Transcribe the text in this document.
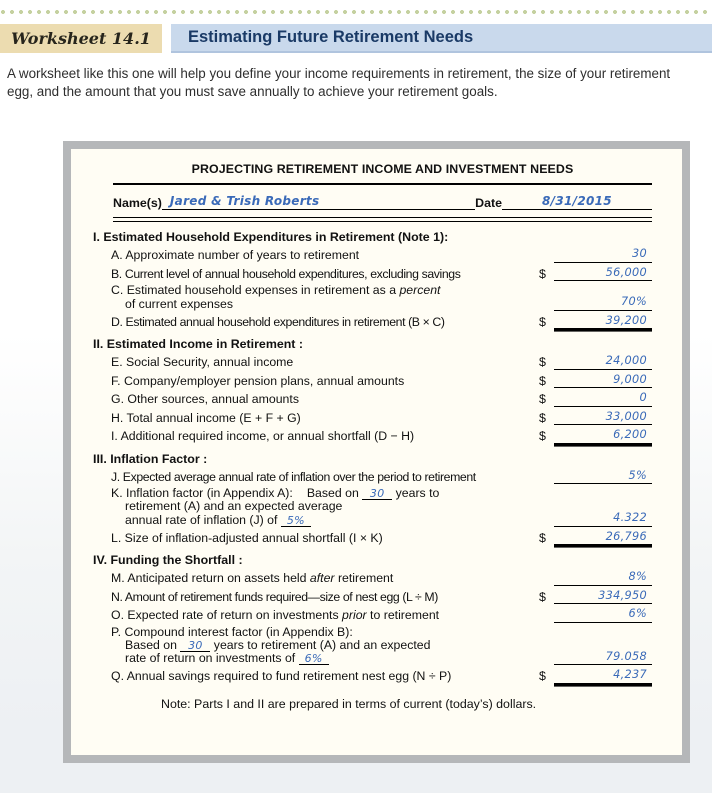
Worksheet 14.1	Estimating Future Retirement Needs
A worksheet like this one will help you define your income requirements in retirement, the size of your retirement
egg, and the amount that you must save annually to achieve your retirement goals.
PROJECTING RETIREMENT INCOME AND INVESTMENT NEEDS
Name(s) Jared & Trish Roberts	Date	8/31/2015
I. Estimated Household Expenditures in Retirement (Note 1):
A. Approximate number of years to retirement	30
B. Current level of annual household expenditures, excluding savings	$	56,000
C. Estimated household expenses in retirement as a percent
of current expenses	70%
D. Estimated annual household expenditures in retirement (B × C)	$	39,200
II. Estimated Income in Retirement :
E. Social Security, annual income	$	24,000
F. Company/employer pension plans, annual amounts	$	9,000
G. Other sources, annual amounts	$	0
H. Total annual income (E + F + G)	$	33,000
I. Additional required income, or annual shortfall (D − H)	$	6,200
III. Inflation Factor :
J. Expected average annual rate of inflation over the period to retirement	5%
K. Inflation factor (in Appendix A): Based on 30 years to
retirement (A) and an expected average
annual rate of inflation (J) of 5%	4.322
L. Size of inflation-adjusted annual shortfall (I × K)	$	26,796
IV. Funding the Shortfall :
M. Anticipated return on assets held after retirement	8%
N. Amount of retirement funds required—size of nest egg (L ÷ M)	$	334,950
O. Expected rate of return on investments prior to retirement	6%
P. Compound interest factor (in Appendix B):
Based on 30 years to retirement (A) and an expected
rate of return on investments of 6%	79.058
Q. Annual savings required to fund retirement nest egg (N ÷ P)	$	4,237
Note: Parts I and II are prepared in terms of current (today’s) dollars.
